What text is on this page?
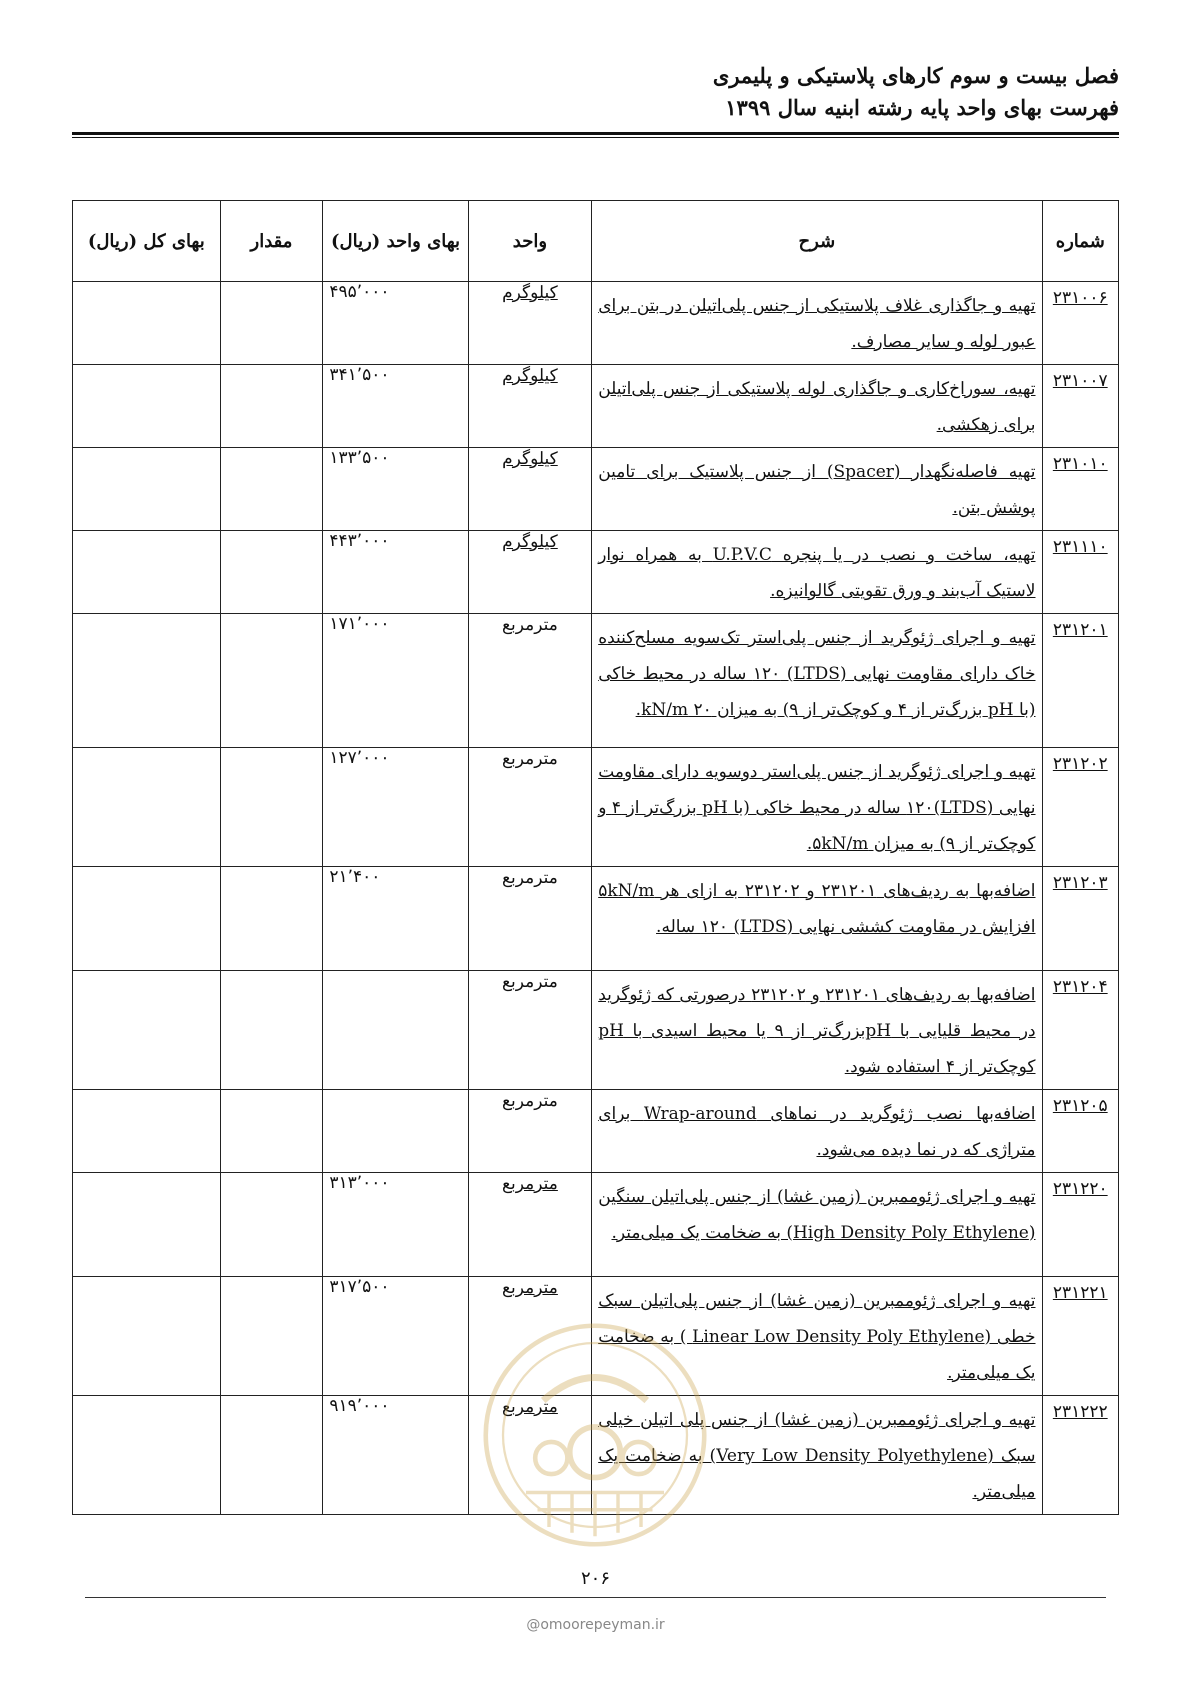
فصل بیست و سوم کارهای پلاستیکی و پلیمری
فهرست بهای واحد پایه رشته ابنیه سال ۱۳۹۹
شماره	شرح	واحد	بهای واحد (ریال)	مقدار	بهای کل (ریال)
۲۳۱۰۰۶	تهیه و جاگذاری غلاف پلاستیکی از جنس پلی‌اتیلن در بتن برای عبور لوله و سایر مصارف.	کیلوگرم	۴۹۵٬۰۰۰		
۲۳۱۰۰۷	تهیه، سوراخ‌کاری و جاگذاری لوله پلاستیکی از جنس پلی‌اتیلن برای زهکشی.	کیلوگرم	۳۴۱٬۵۰۰		
۲۳۱۰۱۰	تهیه فاصله‌نگهدار (Spacer) از جنس پلاستیک برای تامین پوشش بتن.	کیلوگرم	۱۳۳٬۵۰۰		
۲۳۱۱۱۰	تهیه، ساخت و نصب در یا پنجره U.P.V.C به همراه نوار لاستیک آب‌بند و ورق تقویتی گالوانیزه.	کیلوگرم	۴۴۳٬۰۰۰		
۲۳۱۲۰۱	تهیه و اجرای ژئوگرید از جنس پلی‌استر تک‌سویه مسلح‌کننده خاک دارای مقاومت نهایی (LTDS) ۱۲۰ ساله در محیط خاکی (با pH بزرگ‌تر از ۴ و کوچک‌تر از ۹) به میزان ۲۰ kN/m.	مترمربع	۱۷۱٬۰۰۰		
۲۳۱۲۰۲	تهیه و اجرای ژئوگرید از جنس پلی‌استر دوسویه دارای مقاومت نهایی (LTDS)۱۲۰ ساله در محیط خاکی (با pH بزرگ‌تر از ۴ و کوچک‌تر از ۹) به میزان ۵kN/m.	مترمربع	۱۲۷٬۰۰۰		
۲۳۱۲۰۳	اضافه‌بها به ردیف‌های ۲۳۱۲۰۱ و ۲۳۱۲۰۲ به ازای هر ۵kN/m افزایش در مقاومت کششی نهایی (LTDS) ۱۲۰ ساله.	مترمربع	۲۱٬۴۰۰		
۲۳۱۲۰۴	اضافه‌بها به ردیف‌های ۲۳۱۲۰۱ و ۲۳۱۲۰۲ درصورتی که ژئوگرید در محیط قلیایی با pHبزرگ‌تر از ۹ یا محیط اسیدی با pH کوچک‌تر از ۴ استفاده شود.	مترمربع			
۲۳۱۲۰۵	اضافه‌بها نصب ژئوگرید در نماهای Wrap-around برای متراژی که در نما دیده می‌شود.	مترمربع			
۲۳۱۲۲۰	تهیه و اجرای ژئوممبرین (زمین غشا) از جنس پلی‌اتیلن سنگین (High Density Poly Ethylene) به ضخامت یک میلی‌متر.	مترمربع	۳۱۳٬۰۰۰		
۲۳۱۲۲۱	تهیه و اجرای ژئوممبرین (زمین غشا) از جنس پلی‌اتیلن سبک خطی (Linear Low Density Poly Ethylene ) به ضخامت یک میلی‌متر.	مترمربع	۳۱۷٬۵۰۰		
۲۳۱۲۲۲	تهیه و اجرای ژئوممبرین (زمین غشا) از جنس پلی اتیلن خیلی سبک (Very Low Density Polyethylene) به ضخامت یک میلی‌متر.	مترمربع	۹۱۹٬۰۰۰		
۲۰۶
@omoorepeyman.ir
